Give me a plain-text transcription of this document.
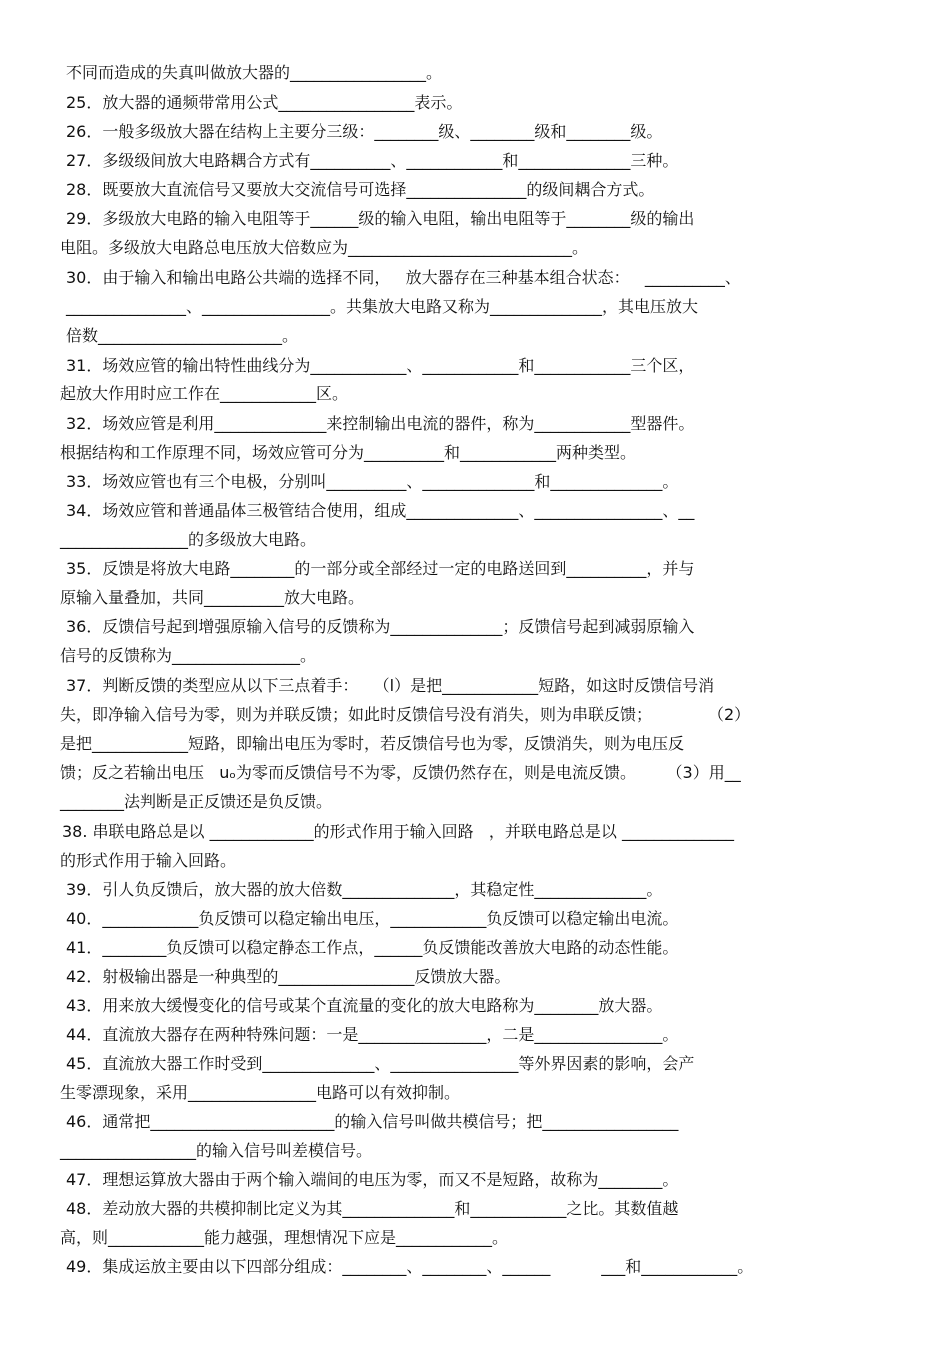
不同而造成的失真叫做放大器的_________________。
25．放大器的通频带常用公式_________________表示。
26．一般多级放大器在结构上主要分三级：________级、________级和________级。
27．多级级间放大电路耦合方式有__________、____________和______________三种。
28．既要放大直流信号又要放大交流信号可选择_______________的级间耦合方式。
29．多级放大电路的输入电阻等于______级的输入电阻，输出电阻等于________级的输出
电阻。多级放大电路总电压放大倍数应为____________________________。
30．由于输入和输出电路公共端的选择不同，   放大器存在三种基本组合状态：   __________、
_______________、________________。共集放大电路又称为______________，其电压放大
倍数_______________________。
31．场效应管的输出特性曲线分为____________、____________和____________三个区，
起放大作用时应工作在____________区。
32．场效应管是利用______________来控制输出电流的器件，称为____________型器件。
根据结构和工作原理不同，场效应管可分为__________和____________两种类型。
33．场效应管也有三个电极，分别叫__________、______________和______________。
34．场效应管和普通晶体三极管结合使用，组成______________、________________、__
________________的多级放大电路。
35．反馈是将放大电路________的一部分或全部经过一定的电路送回到__________，并与
原输入量叠加，共同__________放大电路。
36．反馈信号起到增强原输入信号的反馈称为______________；反馈信号起到减弱原输入
信号的反馈称为________________。
37．判断反馈的类型应从以下三点着手：   （l）是把____________短路，如这时反馈信号消
失，即净输入信号为零，则为并联反馈；如此时反馈信号没有消失，则为串联反馈；           （2）
是把____________短路，即输出电压为零时，若反馈信号也为零，反馈消失，则为电压反
馈；反之若输出电压   uₒ为零而反馈信号不为零，反馈仍然存在，则是电流反馈。      （3）用__
________法判断是正反馈还是负反馈。
38. 串联电路总是以 _____________的形式作用于输入回路   ，并联电路总是以 ______________
的形式作用于输入回路。
39．引人负反馈后，放大器的放大倍数______________，其稳定性______________。
40．____________负反馈可以稳定输出电压，____________负反馈可以稳定输出电流。
41．________负反馈可以稳定静态工作点，______负反馈能改善放大电路的动态性能。
42．射极输出器是一种典型的_________________反馈放大器。
43．用来放大缓慢变化的信号或某个直流量的变化的放大电路称为________放大器。
44．直流放大器存在两种特殊问题：一是________________，二是________________。
45．直流放大器工作时受到______________、________________等外界因素的影响，会产
生零漂现象，采用________________电路可以有效抑制。
46．通常把_______________________的输入信号叫做共模信号；把_________________
_________________的输入信号叫差模信号。
47．理想运算放大器由于两个输入端间的电压为零，而又不是短路，故称为________。
48．差动放大器的共模抑制比定义为其______________和____________之比。其数值越
高，则____________能力越强，理想情况下应是____________。
49．集成运放主要由以下四部分组成：________、________、______          ___和____________。
